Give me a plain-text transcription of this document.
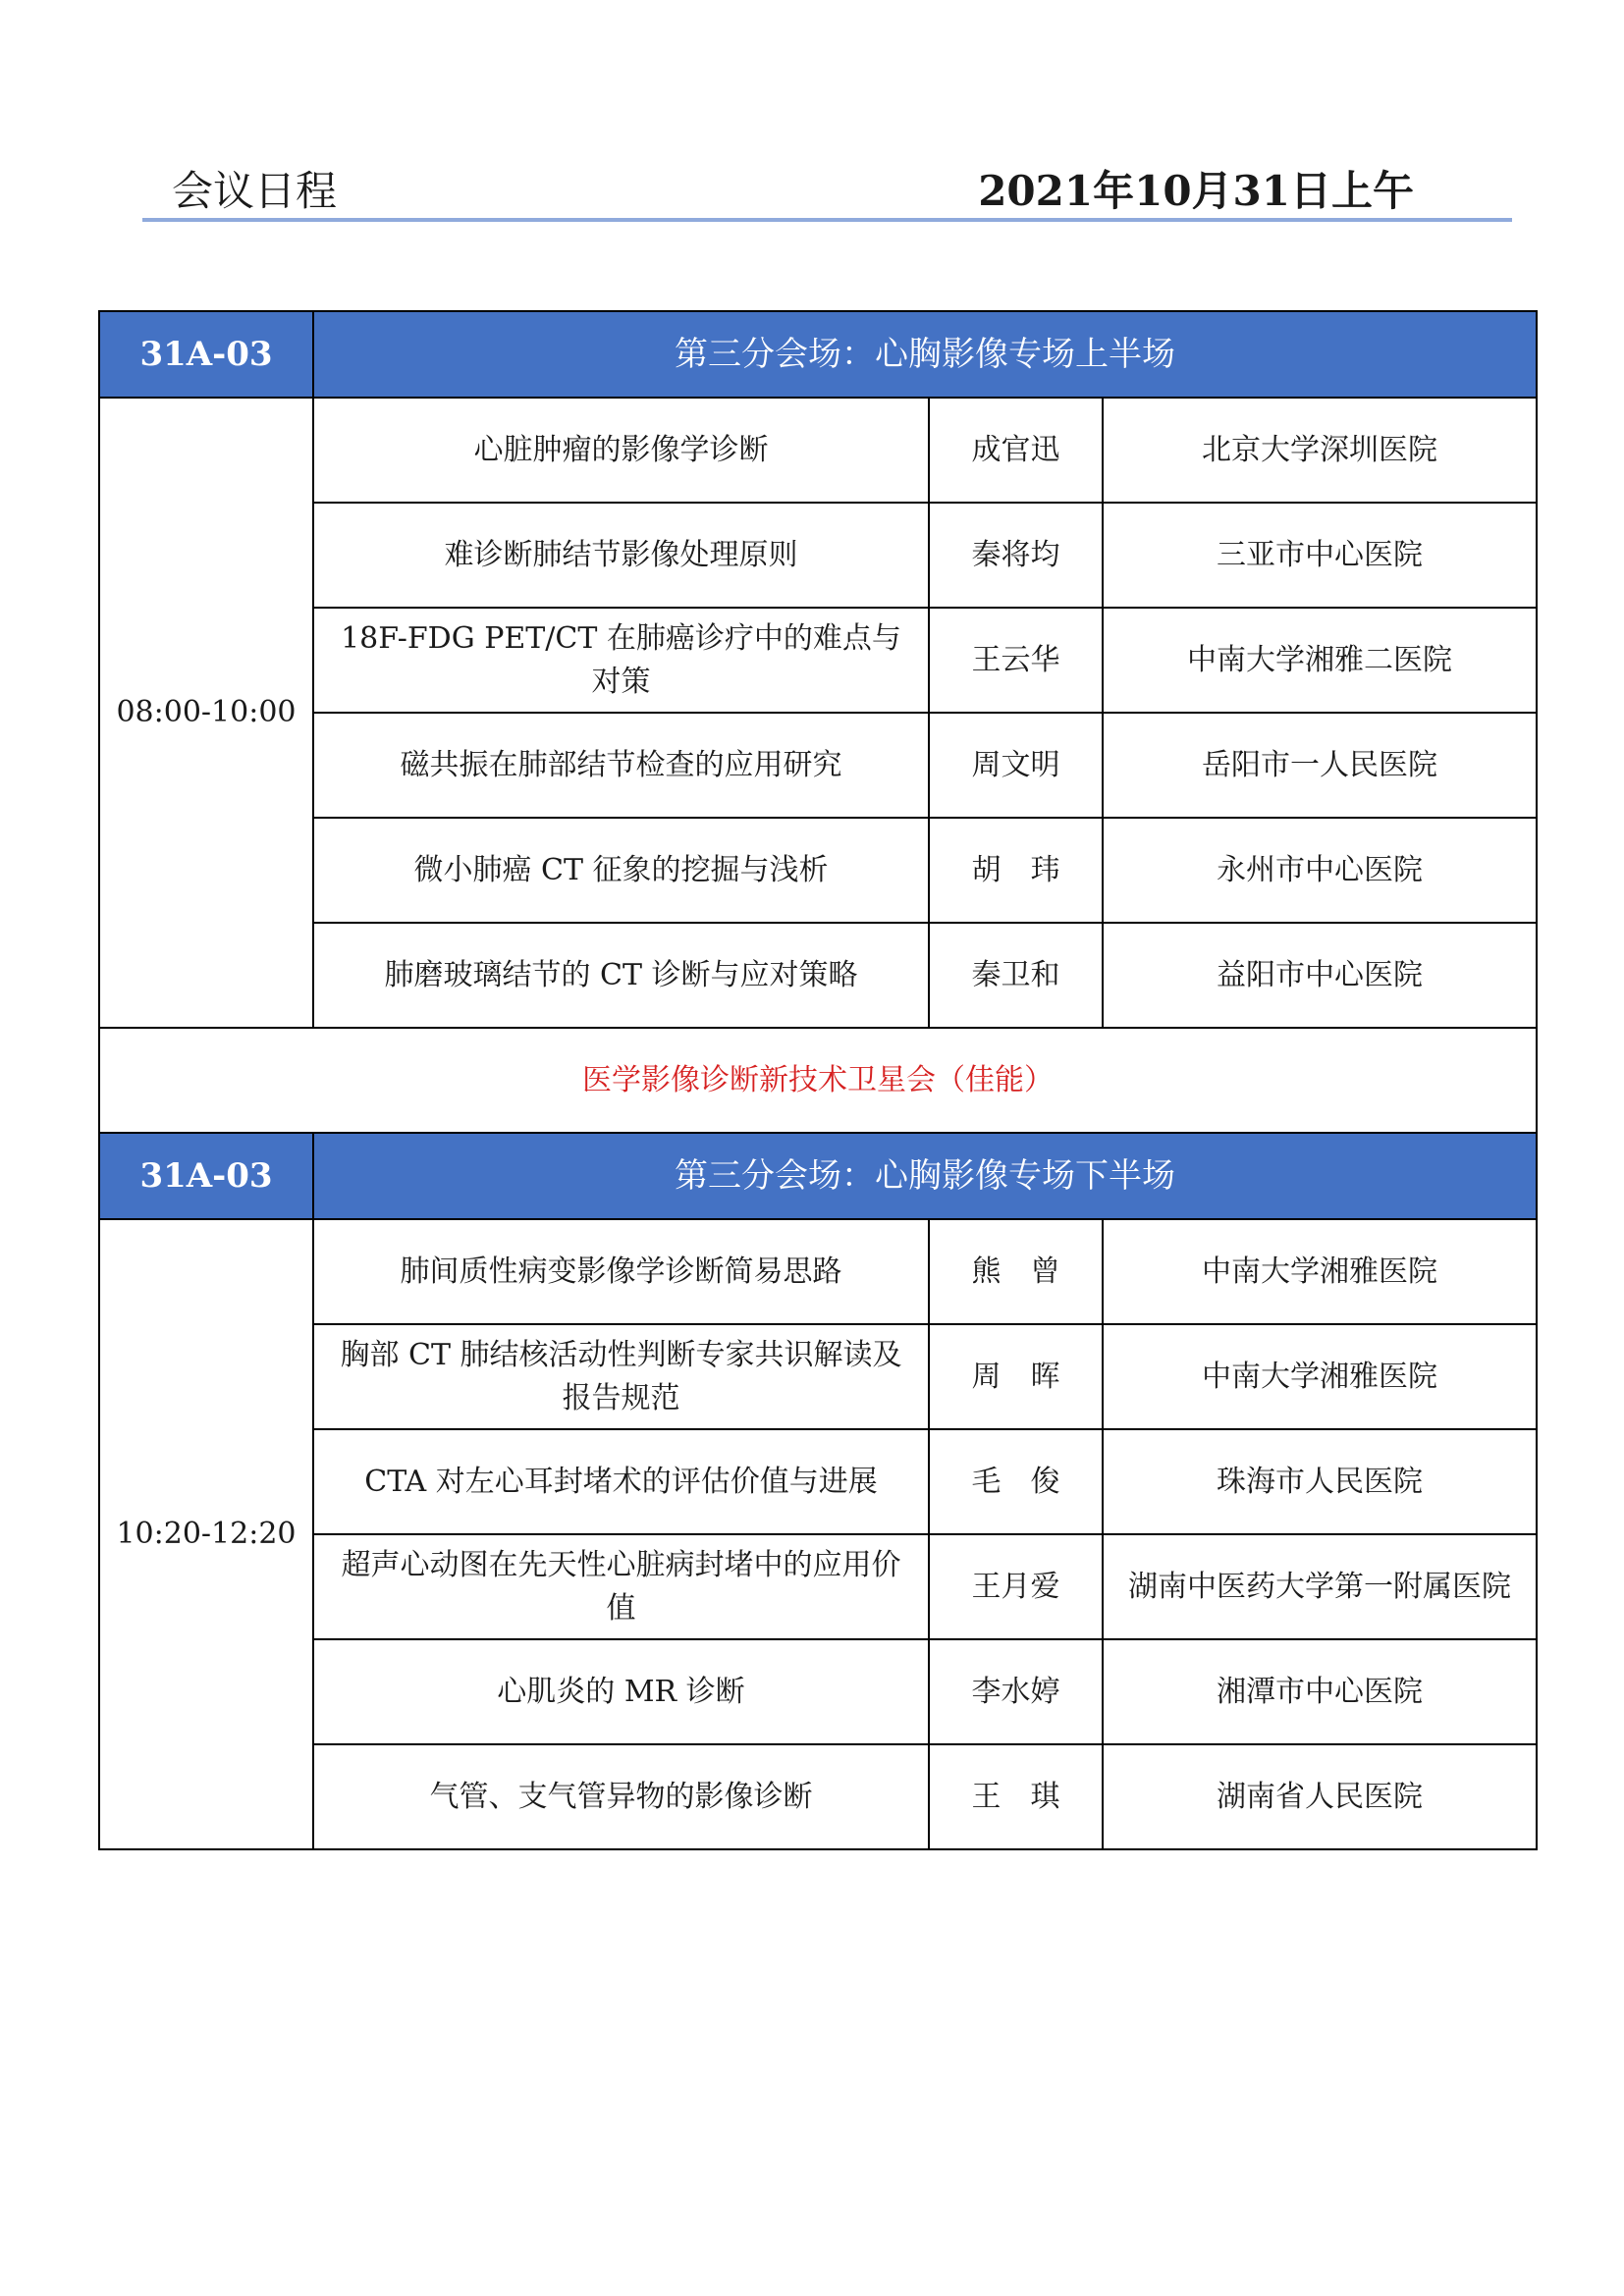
会议日程	2021年10月31日上午
31A-03	第三分会场：心胸影像专场上半场		
08:00-10:00	心脏肿瘤的影像学诊断	成官迅	北京大学深圳医院
	难诊断肺结节影像处理原则	秦将均	三亚市中心医院
	18F-FDG PET/CT 在肺癌诊疗中的难点与对策	王云华	中南大学湘雅二医院
	磁共振在肺部结节检查的应用研究	周文明	岳阳市一人民医院
	微小肺癌 CT 征象的挖掘与浅析	胡　玮	永州市中心医院
	肺磨玻璃结节的 CT 诊断与应对策略	秦卫和	益阳市中心医院
医学影像诊断新技术卫星会（佳能）			
31A-03	第三分会场：心胸影像专场下半场		
10:20-12:20	肺间质性病变影像学诊断简易思路	熊　曾	中南大学湘雅医院
	胸部 CT 肺结核活动性判断专家共识解读及报告规范	周　晖	中南大学湘雅医院
	CTA 对左心耳封堵术的评估价值与进展	毛　俊	珠海市人民医院
	超声心动图在先天性心脏病封堵中的应用价值	王月爱	湖南中医药大学第一附属医院
	心肌炎的 MR 诊断	李水婷	湘潭市中心医院
	气管、支气管异物的影像诊断	王　琪	湖南省人民医院
